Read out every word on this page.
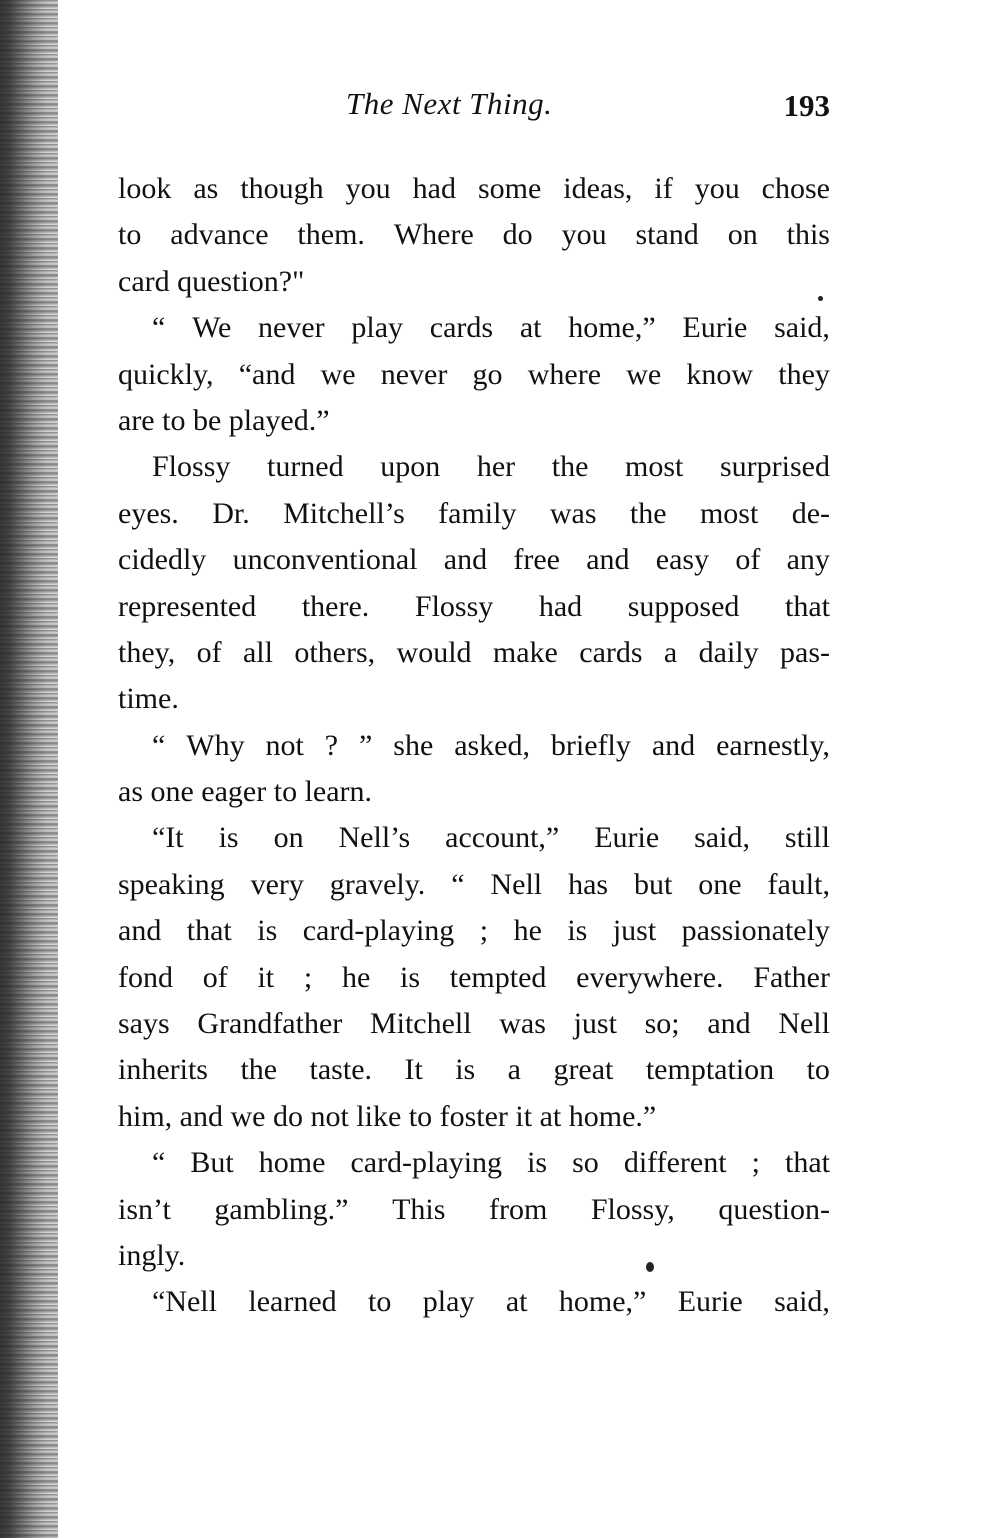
The Next Thing.	193
look as though you had some ideas, if you chose
to advance them. Where do you stand on this
card question?"
“ We never play cards at home,” Eurie said,
quickly, “and we never go where we know they
are to be played.”
Flossy turned upon her the most surprised
eyes. Dr. Mitchell’s family was the most de-
cidedly unconventional and free and easy of any
represented there. Flossy had supposed that
they, of all others, would make cards a daily pas-
time.
“ Why not ? ” she asked, briefly and earnestly,
as one eager to learn.
“It is on Nell’s account,” Eurie said, still
speaking very gravely. “ Nell has but one fault,
and that is card-playing ; he is just passionately
fond of it ; he is tempted everywhere. Father
says Grandfather Mitchell was just so; and Nell
inherits the taste. It is a great temptation to
him, and we do not like to foster it at home.”
“ But home card-playing is so different ; that
isn’t gambling.” This from Flossy, question-
ingly.
“Nell learned to play at home,” Eurie said,
